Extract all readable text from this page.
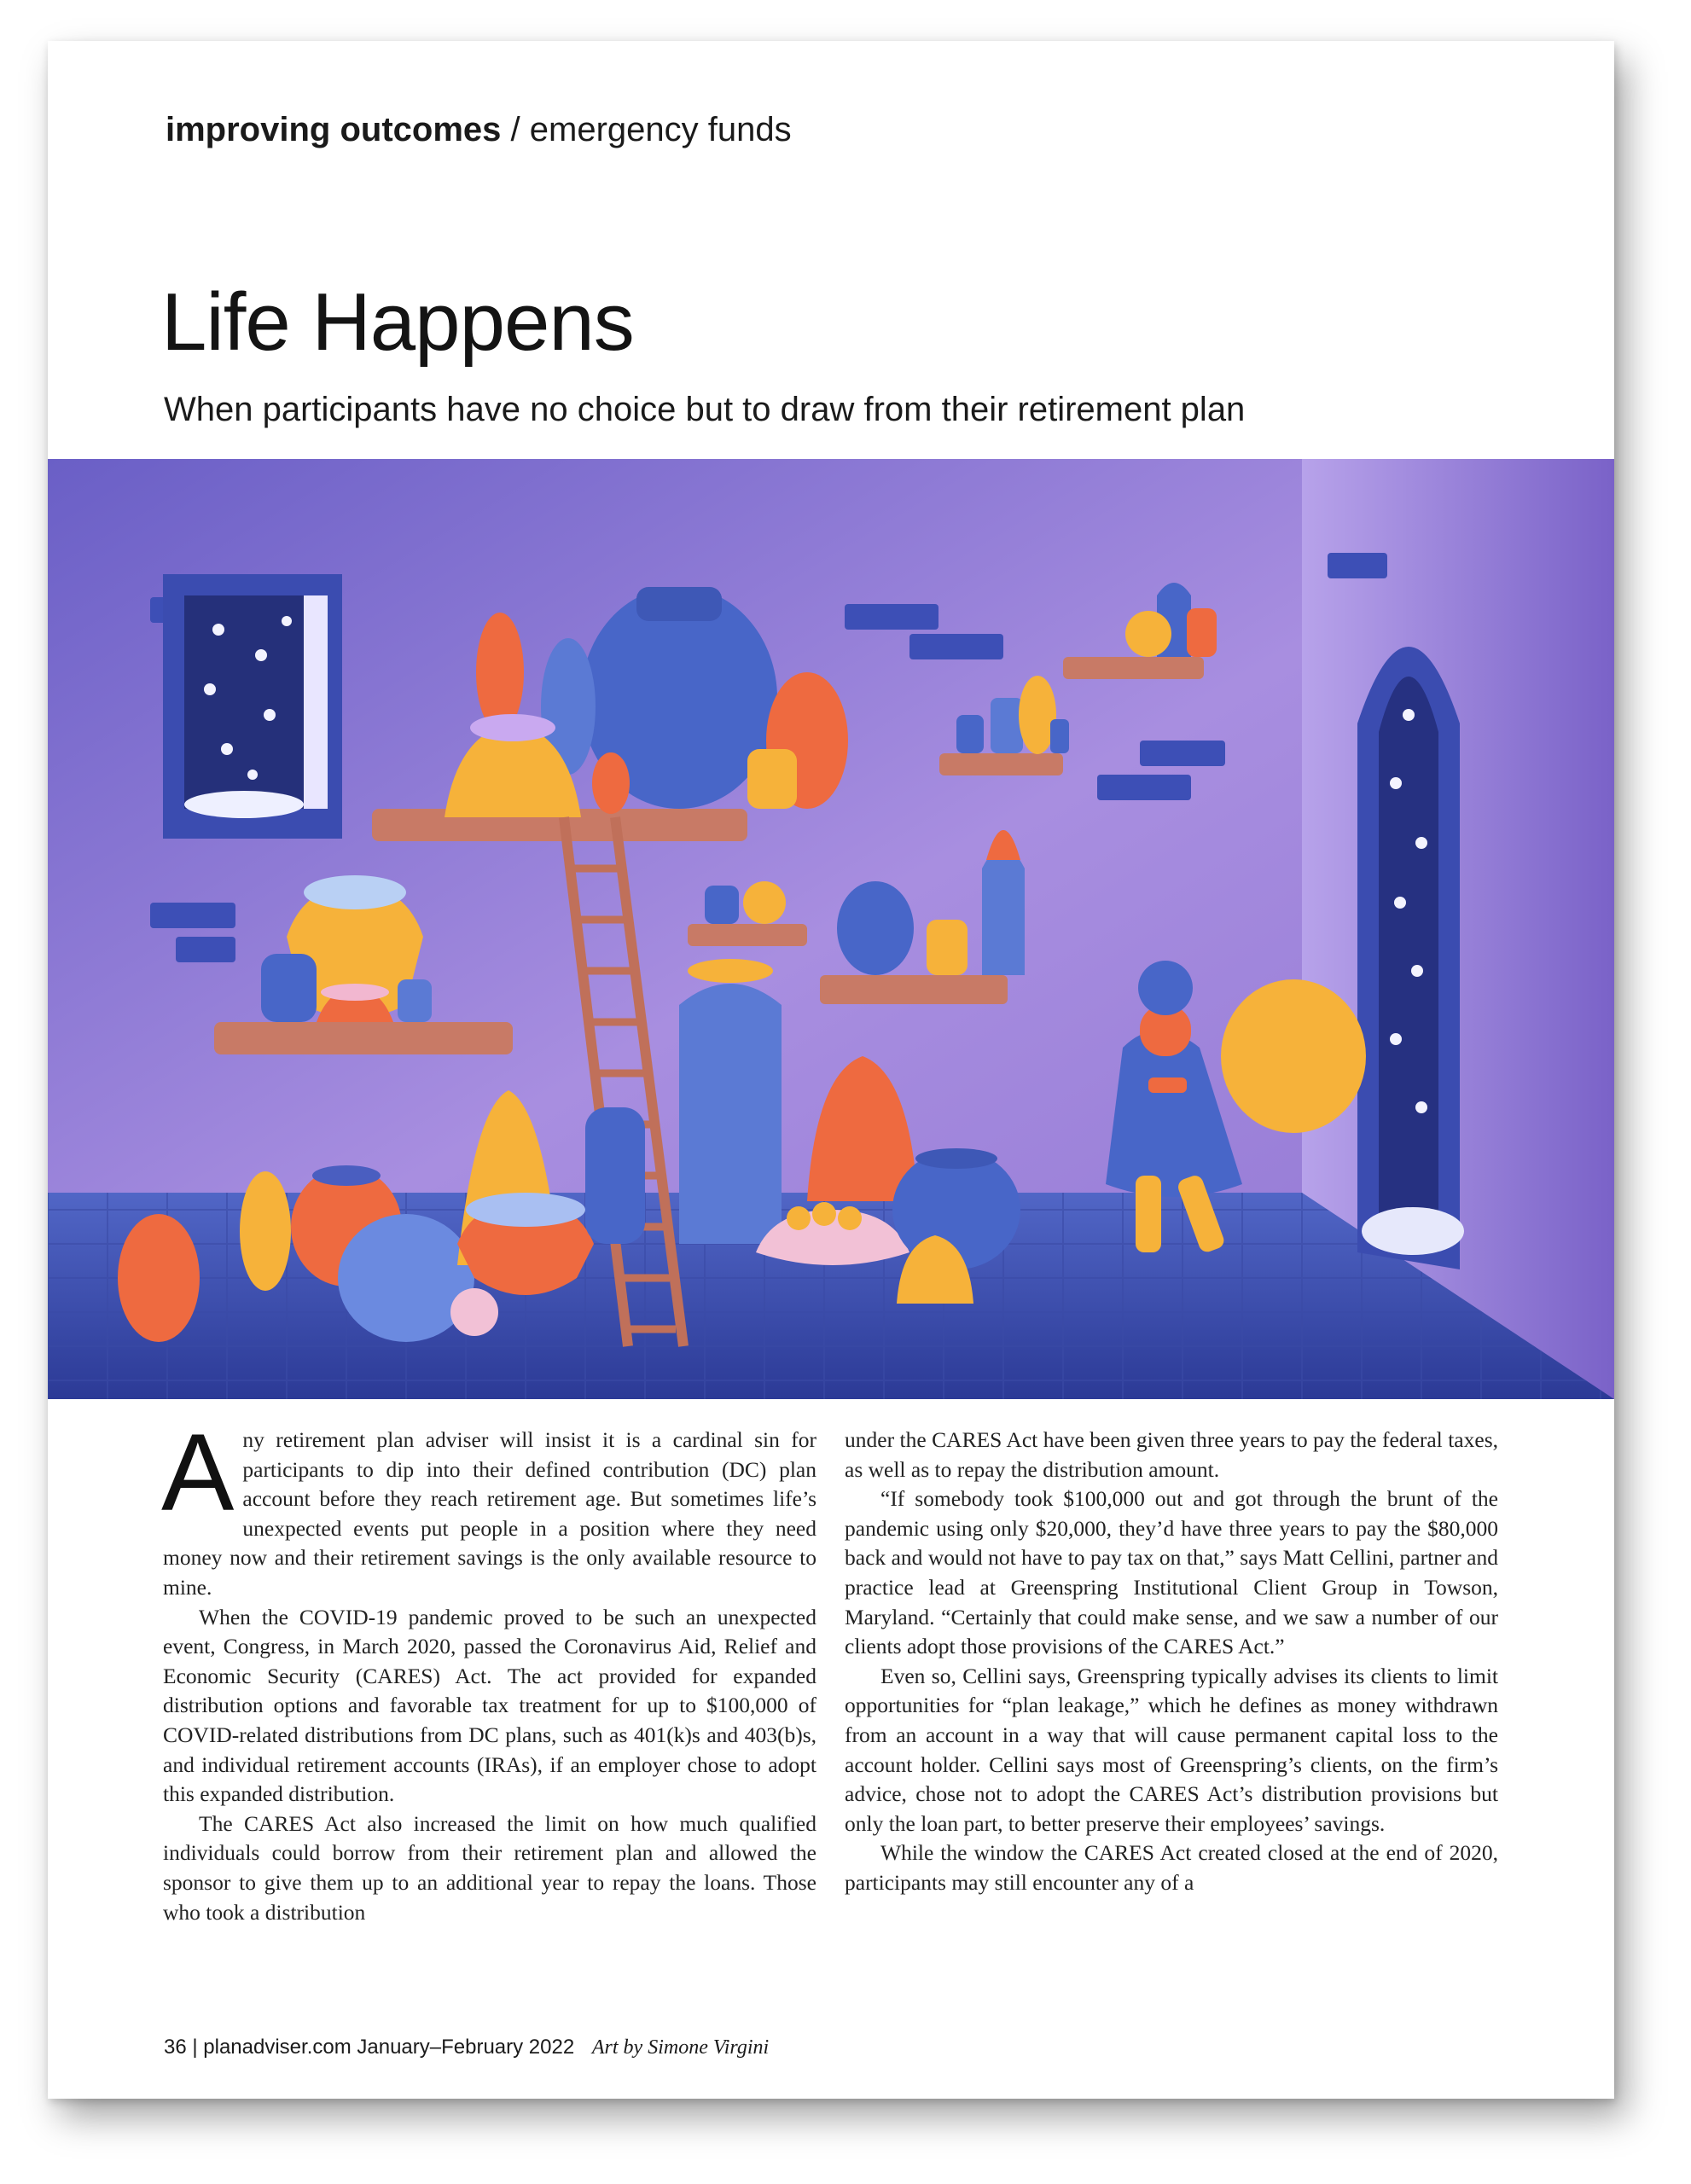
improving outcomes / emergency funds
Life Happens
When participants have no choice but to draw from their retirement plan

Any retirement plan adviser will insist it is a cardinal sin for participants to dip into their defined contribution (DC) plan account before they reach retirement age. But sometimes life’s unexpected events put people in a position where they need money now and their retirement savings is the only available resource to mine.

When the COVID-19 pandemic proved to be such an unexpected event, Congress, in March 2020, passed the Coronavirus Aid, Relief and Economic Security (CARES) Act. The act provided for expanded distribution options and favorable tax treatment for up to $100,000 of COVID-related distributions from DC plans, such as 401(k)s and 403(b)s, and individual retirement accounts (IRAs), if an employer chose to adopt this expanded distribution.

The CARES Act also increased the limit on how much qualified individuals could borrow from their retirement plan and allowed the sponsor to give them up to an additional year to repay the loans. Those who took a distribution

under the CARES Act have been given three years to pay the federal taxes, as well as to repay the distribution amount.

“If somebody took $100,000 out and got through the brunt of the pandemic using only $20,000, they’d have three years to pay the $80,000 back and would not have to pay tax on that,” says Matt Cellini, partner and practice lead at Greenspring Institutional Client Group in Towson, Maryland. “Certainly that could make sense, and we saw a number of our clients adopt those provisions of the CARES Act.”

Even so, Cellini says, Greenspring typically advises its clients to limit opportunities for “plan leakage,” which he defines as money withdrawn from an account in a way that will cause permanent capital loss to the account holder. Cellini says most of Greenspring’s clients, on the firm’s advice, chose not to adopt the CARES Act’s distribution provisions but only the loan part, to better preserve their employees’ savings.

While the window the CARES Act created closed at the end of 2020, participants may still encounter any of a

36 | planadviser.com January–February 2022 Art by Simone Virgini
